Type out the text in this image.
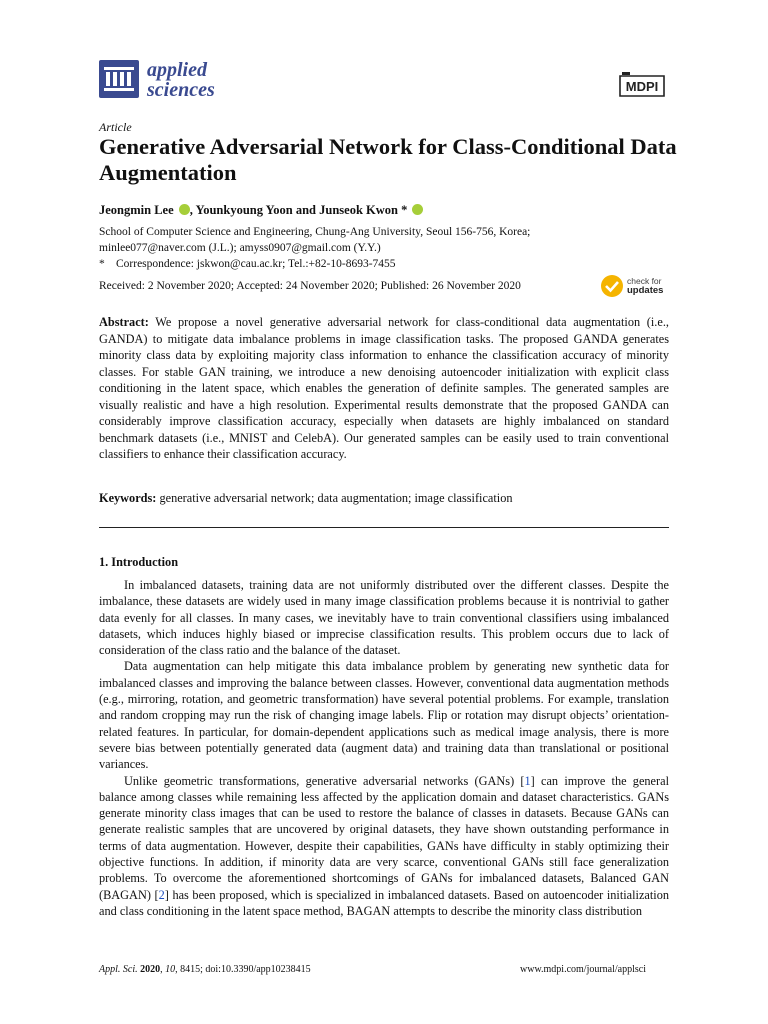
applied
sciences	MDPI
Article
Generative Adversarial Network for Class-Conditional Data Augmentation
Jeongmin Lee , Younkyoung Yoon and Junseok Kwon *

School of Computer Science and Engineering, Chung-Ang University, Seoul 156-756, Korea;

minlee077@naver.com (J.L.); amyss0907@gmail.com (Y.Y.)

* Correspondence: jskwon@cau.ac.kr; Tel.:+82-10-8693-7455

Received: 2 November 2020; Accepted: 24 November 2020; Published: 26 November 2020	check for
updates
Abstract: We propose a novel generative adversarial network for class-conditional data augmentation (i.e., GANDA) to mitigate data imbalance problems in image classification tasks. The proposed GANDA generates minority class data by exploiting majority class information to enhance the classification accuracy of minority classes. For stable GAN training, we introduce a new denoising autoencoder initialization with explicit class conditioning in the latent space, which enables the generation of definite samples. The generated samples are visually realistic and have a high resolution. Experimental results demonstrate that the proposed GANDA can considerably improve classification accuracy, especially when datasets are highly imbalanced on standard benchmark datasets (i.e., MNIST and CelebA). Our generated samples can be easily used to train conventional classifiers to enhance their classification accuracy.
Keywords: generative adversarial network; data augmentation; image classification
1. Introduction

In imbalanced datasets, training data are not uniformly distributed over the different classes. Despite the imbalance, these datasets are widely used in many image classification problems because it is nontrivial to gather data evenly for all classes. In many cases, we inevitably have to train conventional classifiers using imbalanced datasets, which induces highly biased or imprecise classification results. This problem occurs due to lack of consideration of the class ratio and the balance of the dataset.

Data augmentation can help mitigate this data imbalance problem by generating new synthetic data for imbalanced classes and improving the balance between classes. However, conventional data augmentation methods (e.g., mirroring, rotation, and geometric transformation) have several potential problems. For example, translation and random cropping may run the risk of changing image labels. Flip or rotation may disrupt objects’ orientation-related features. In particular, for domain-dependent applications such as medical image analysis, there is more severe bias between potentially generated data (augment data) and training data than translational or positional variances.

Unlike geometric transformations, generative adversarial networks (GANs) [1] can improve the general balance among classes while remaining less affected by the application domain and dataset characteristics. GANs generate minority class images that can be used to restore the balance of classes in datasets. Because GANs can generate realistic samples that are uncovered by original datasets, they have shown outstanding performance in terms of data augmentation. However, despite their capabilities, GANs have difficulty in stably optimizing their objective functions. In addition, if minority data are very scarce, conventional GANs still face generalization problems. To overcome the aforementioned shortcomings of GANs for imbalanced datasets, Balanced GAN (BAGAN) [2] has been proposed, which is specialized in imbalanced datasets. Based on autoencoder initialization and class conditioning in the latent space method, BAGAN attempts to describe the minority class distribution

Appl. Sci. 2020, 10, 8415; doi:10.3390/app10238415	www.mdpi.com/journal/applsci
